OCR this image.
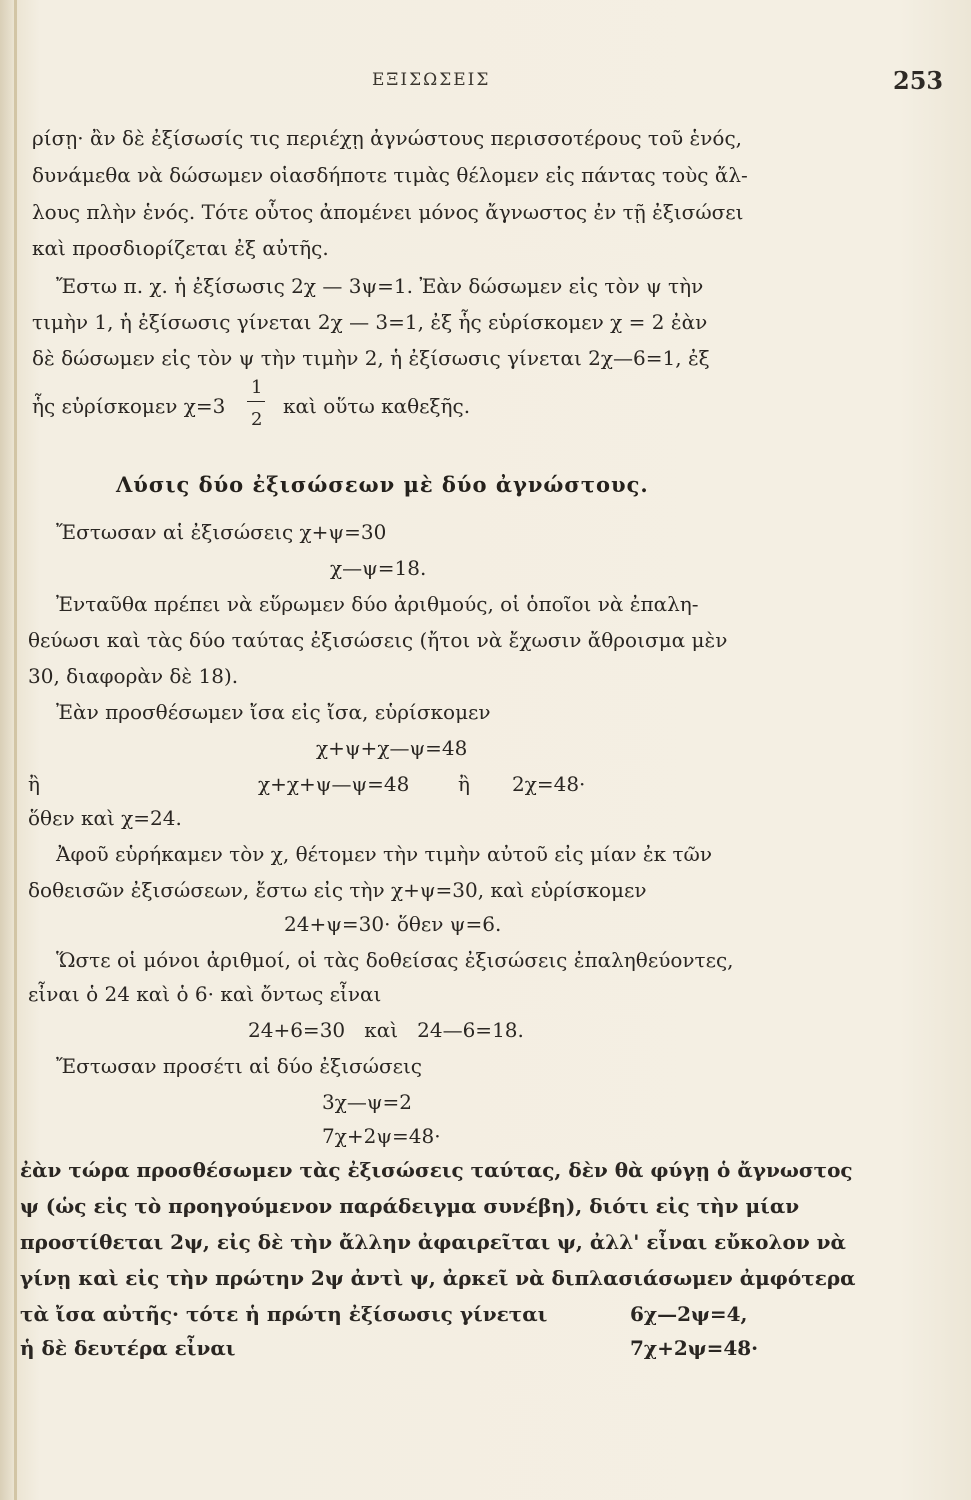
ΕΞΙΣΩΣΕΙΣ	253
ρίσῃ· ἂν δὲ ἐξίσωσίς τις περιέχῃ ἀγνώστους περισσοτέρους τοῦ ἑνός,
δυνάμεθα νὰ δώσωμεν οἱασδήποτε τιμὰς θέλομεν εἰς πάντας τοὺς ἄλ-
λους πλὴν ἑνός. Τότε οὗτος ἀπομένει μόνος ἄγνωστος ἐν τῇ ἐξισώσει
καὶ προσδιορίζεται ἐξ αὐτῆς.
Ἔστω π. χ. ἡ ἐξίσωσις 2χ — 3ψ=1. Ἐὰν δώσωμεν εἰς τὸν ψ τὴν
τιμὴν 1, ἡ ἐξίσωσις γίνεται 2χ — 3=1, ἐξ ἧς εὑρίσκομεν χ = 2 ἐὰν
δὲ δώσωμεν εἰς τὸν ψ τὴν τιμὴν 2, ἡ ἐξίσωσις γίνεται 2χ—6=1, ἐξ
ἧς εὑρίσκομεν χ=3
1
2
καὶ οὕτω καθεξῆς.
Λύσις δύο ἐξισώσεων μὲ δύο ἀγνώστους.
Ἔστωσαν αἱ ἐξισώσεις χ+ψ=30
χ—ψ=18.
Ἐνταῦθα πρέπει νὰ εὕρωμεν δύο ἀριθμούς, οἱ ὁποῖοι νὰ ἐπαλη-
θεύωσι καὶ τὰς δύο ταύτας ἐξισώσεις (ἤτοι νὰ ἔχωσιν ἄθροισμα μὲν
30, διαφορὰν δὲ 18).
Ἐὰν προσθέσωμεν ἴσα εἰς ἴσα, εὑρίσκομεν
χ+ψ+χ—ψ=48
ἢ	χ+χ+ψ—ψ=48 ἢ 2χ=48·
ὅθεν καὶ χ=24.
Ἀφοῦ εὑρήκαμεν τὸν χ, θέτομεν τὴν τιμὴν αὐτοῦ εἰς μίαν ἐκ τῶν
δοθεισῶν ἐξισώσεων, ἔστω εἰς τὴν χ+ψ=30, καὶ εὑρίσκομεν
24+ψ=30· ὅθεν ψ=6.
Ὥστε οἱ μόνοι ἀριθμοί, οἱ τὰς δοθείσας ἐξισώσεις ἐπαληθεύοντες,
εἶναι ὁ 24 καὶ ὁ 6· καὶ ὄντως εἶναι
24+6=30   καὶ   24—6=18.
Ἔστωσαν προσέτι αἱ δύο ἐξισώσεις
3χ—ψ=2
7χ+2ψ=48·
ἐὰν τώρα προσθέσωμεν τὰς ἐξισώσεις ταύτας, δὲν θὰ φύγῃ ὁ ἄγνωστος
ψ (ὡς εἰς τὸ προηγούμενον παράδειγμα συνέβη), διότι εἰς τὴν μίαν
προστίθεται 2ψ, εἰς δὲ τὴν ἄλλην ἀφαιρεῖται ψ, ἀλλ' εἶναι εὔκολον νὰ
γίνῃ καὶ εἰς τὴν πρώτην 2ψ ἀντὶ ψ, ἀρκεῖ νὰ διπλασιάσωμεν ἀμφότερα
τὰ ἴσα αὐτῆς· τότε ἡ πρώτη ἐξίσωσις γίνεται	6χ—2ψ=4,
ἡ δὲ δευτέρα εἶναι	7χ+2ψ=48·
